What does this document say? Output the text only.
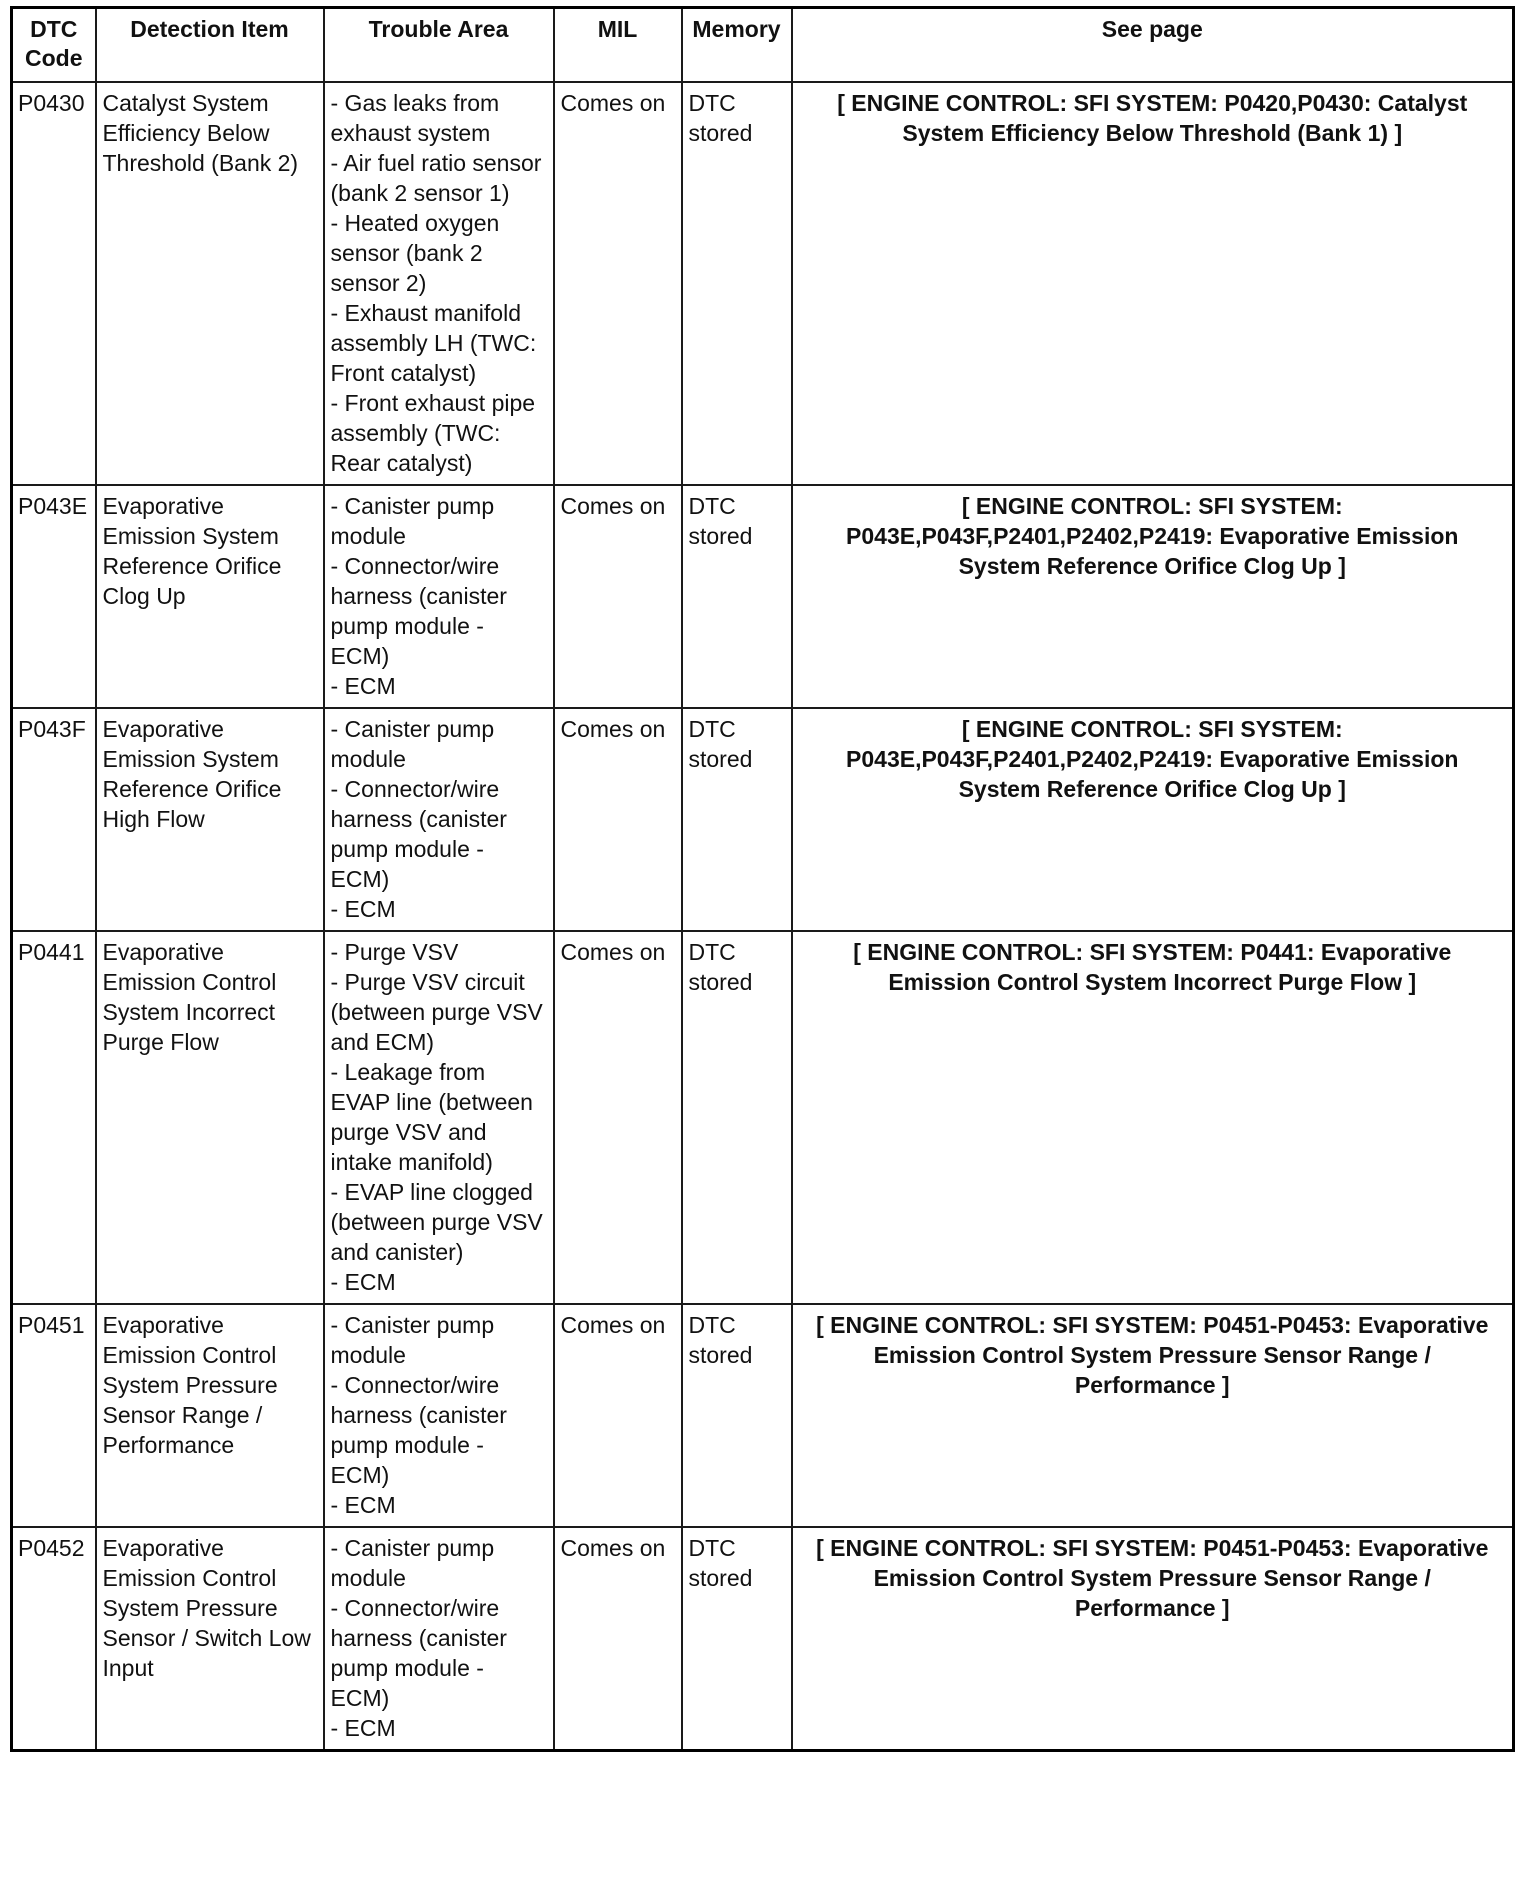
DTC Code	Detection Item	Trouble Area	MIL	Memory	See page
P0430	Catalyst System Efficiency Below Threshold (Bank 2)	- Gas leaks from exhaust system
- Air fuel ratio sensor (bank 2 sensor 1)
- Heated oxygen sensor (bank 2 sensor 2)
- Exhaust manifold assembly LH (TWC: Front catalyst)
- Front exhaust pipe assembly (TWC: Rear catalyst)	Comes on	DTC stored	[ ENGINE CONTROL: SFI SYSTEM: P0420,P0430: Catalyst System Efficiency Below Threshold (Bank 1) ]
P043E	Evaporative Emission System Reference Orifice Clog Up	- Canister pump module
- Connector/wire harness (canister pump module - ECM)
- ECM	Comes on	DTC stored	[ ENGINE CONTROL: SFI SYSTEM: P043E,P043F,P2401,P2402,P2419: Evaporative Emission System Reference Orifice Clog Up ]
P043F	Evaporative Emission System Reference Orifice High Flow	- Canister pump module
- Connector/wire harness (canister pump module - ECM)
- ECM	Comes on	DTC stored	[ ENGINE CONTROL: SFI SYSTEM: P043E,P043F,P2401,P2402,P2419: Evaporative Emission System Reference Orifice Clog Up ]
P0441	Evaporative Emission Control System Incorrect Purge Flow	- Purge VSV
- Purge VSV circuit (between purge VSV and ECM)
- Leakage from EVAP line (between purge VSV and intake manifold)
- EVAP line clogged (between purge VSV and canister)
- ECM	Comes on	DTC stored	[ ENGINE CONTROL: SFI SYSTEM: P0441: Evaporative Emission Control System Incorrect Purge Flow ]
P0451	Evaporative Emission Control System Pressure Sensor Range / Performance	- Canister pump module
- Connector/wire harness (canister pump module - ECM)
- ECM	Comes on	DTC stored	[ ENGINE CONTROL: SFI SYSTEM: P0451-P0453: Evaporative Emission Control System Pressure Sensor Range / Performance ]
P0452	Evaporative Emission Control System Pressure Sensor / Switch Low Input	- Canister pump module
- Connector/wire harness (canister pump module - ECM)
- ECM	Comes on	DTC stored	[ ENGINE CONTROL: SFI SYSTEM: P0451-P0453: Evaporative Emission Control System Pressure Sensor Range / Performance ]
